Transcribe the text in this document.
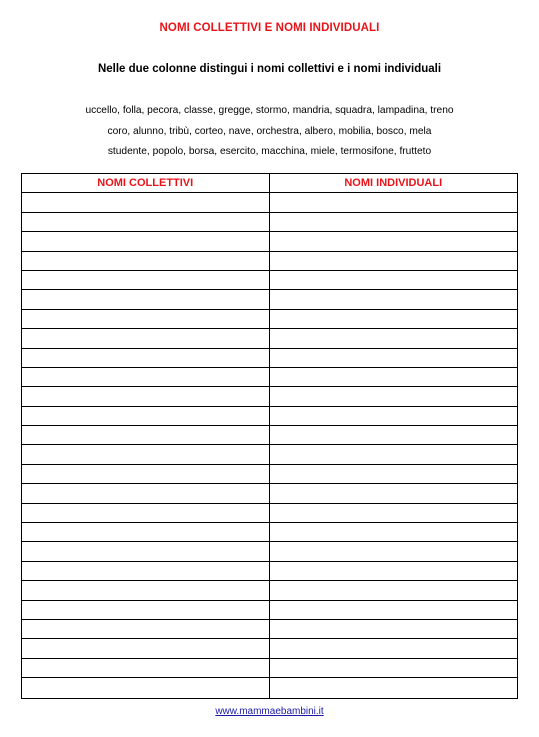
NOMI COLLETTIVI E NOMI INDIVIDUALI
Nelle due colonne distingui i nomi collettivi e i nomi individuali
uccello, folla, pecora, classe, gregge, stormo, mandria, squadra, lampadina, treno
coro, alunno, tribù, corteo, nave, orchestra, albero, mobilia, bosco, mela
studente, popolo, borsa, esercito, macchina, miele, termosifone, frutteto
NOMI COLLETTIVI	NOMI INDIVIDUALI
www.mammaebambini.it
